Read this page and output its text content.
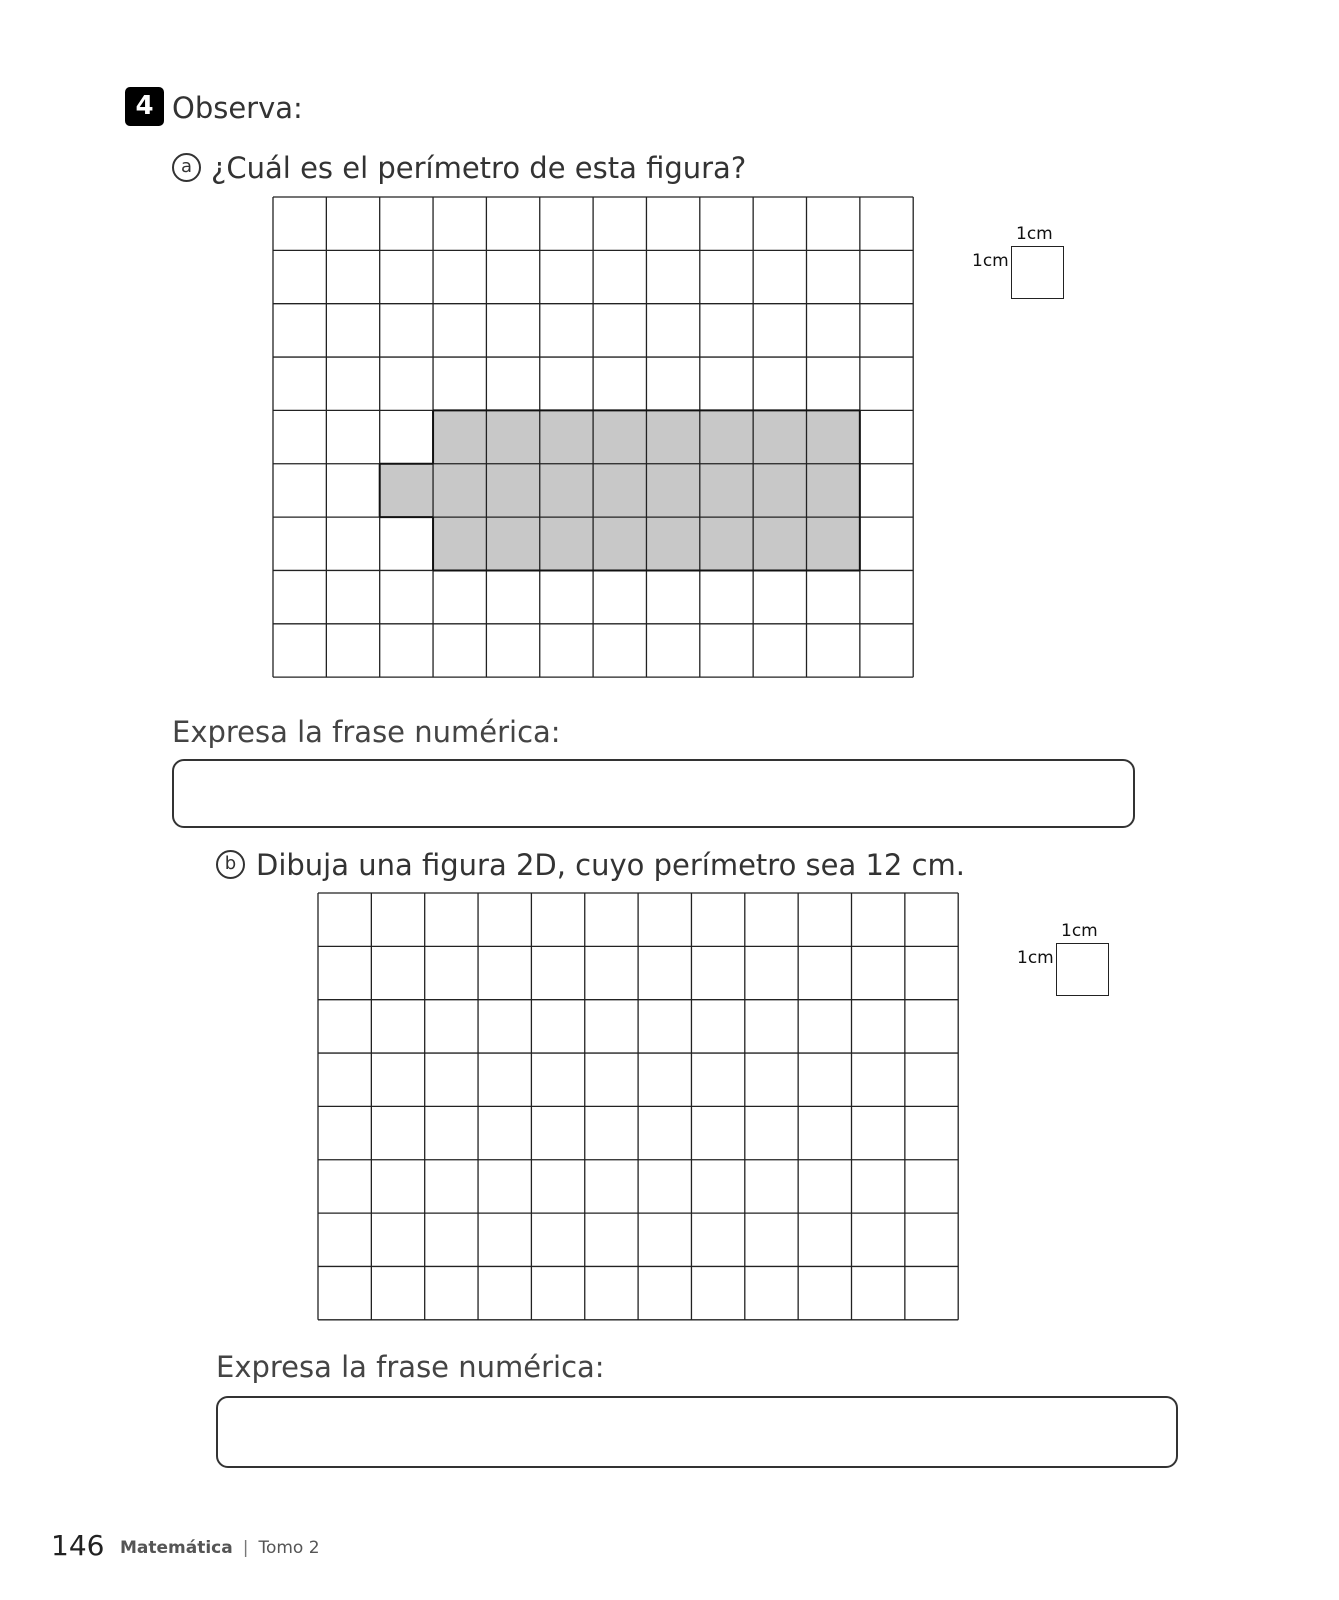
4 Observa:
a ¿Cuál es el perímetro de esta figura?
1cm
1cm
Expresa la frase numérica:
b Dibuja una figura 2D, cuyo perímetro sea 12 cm.
1cm
1cm
Expresa la frase numérica:
146 Matemática | Tomo 2
